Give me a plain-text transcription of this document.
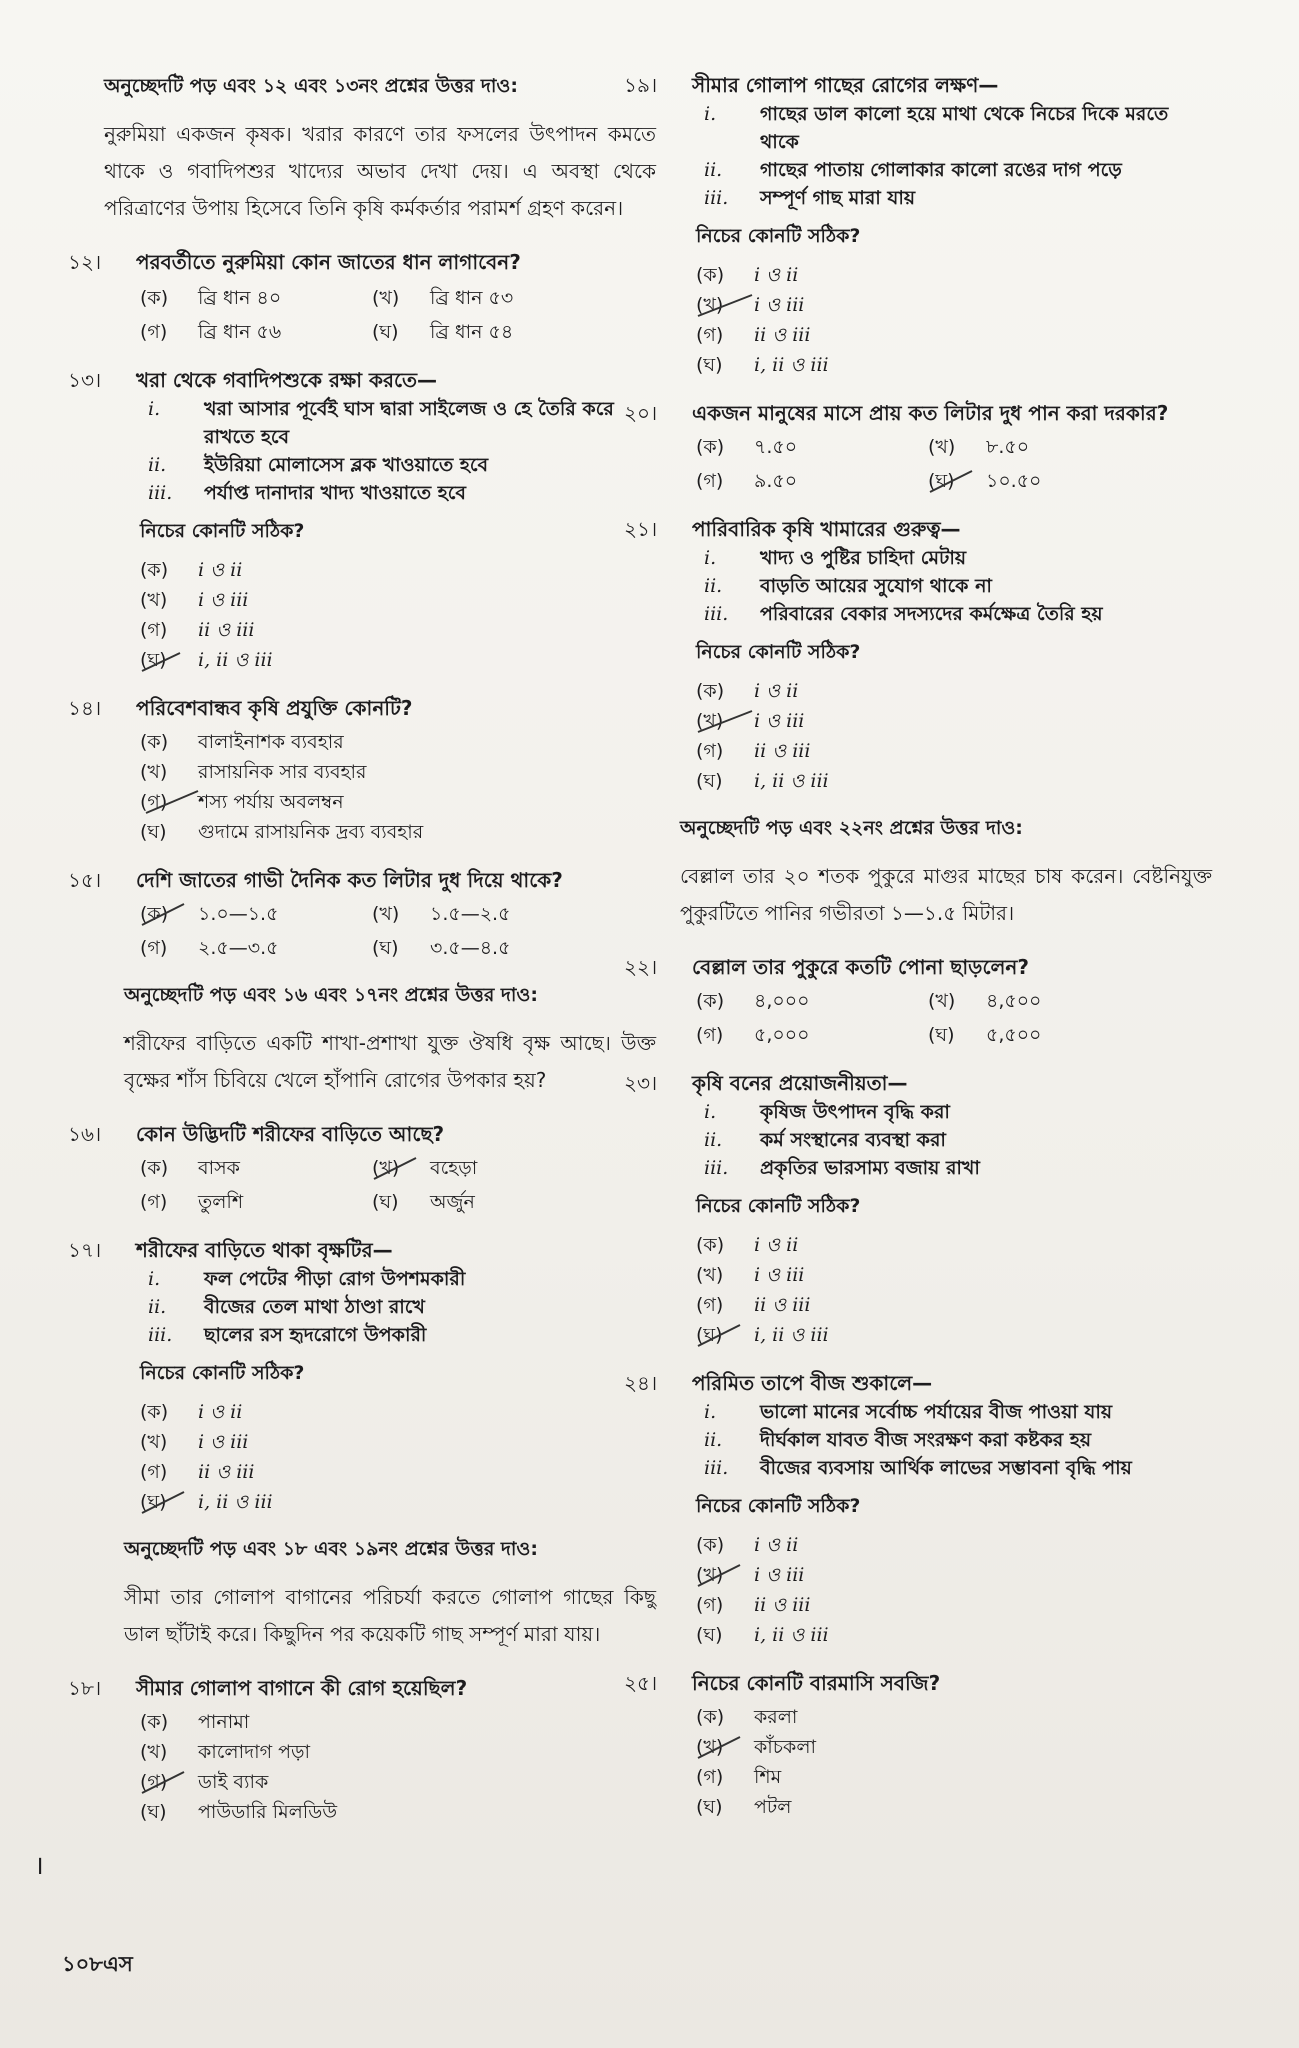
অনুচ্ছেদটি পড় এবং ১২ এবং ১৩নং প্রশ্নের উত্তর দাও:
নুরুমিয়া একজন কৃষক। খরার কারণে তার ফসলের উৎপাদন কমতে থাকে ও গবাদিপশুর খাদ্যের অভাব দেখা দেয়। এ অবস্থা থেকে পরিত্রাণের উপায় হিসেবে তিনি কৃষি কর্মকর্তার পরামর্শ গ্রহণ করেন।
১২।	পরবর্তীতে নুরুমিয়া কোন জাতের ধান লাগাবেন?
(ক)	ব্রি ধান ৪০	(খ)	ব্রি ধান ৫৩
(গ)	ব্রি ধান ৫৬	(ঘ)	ব্রি ধান ৫৪
১৩।	খরা থেকে গবাদিপশুকে রক্ষা করতে—
i.	খরা আসার পূর্বেই ঘাস দ্বারা সাইলেজ ও হে তৈরি করে রাখতে হবে
ii.	ইউরিয়া মোলাসেস ব্লক খাওয়াতে হবে
iii.	পর্যাপ্ত দানাদার খাদ্য খাওয়াতে হবে
নিচের কোনটি সঠিক?
(ক)	i ও ii
(খ)	i ও iii
(গ)	ii ও iii
(ঘ)	i, ii ও iii
১৪।	পরিবেশবান্ধব কৃষি প্রযুক্তি কোনটি?
(ক)	বালাইনাশক ব্যবহার
(খ)	রাসায়নিক সার ব্যবহার
(গ)	শস্য পর্যায় অবলম্বন
(ঘ)	গুদামে রাসায়নিক দ্রব্য ব্যবহার
১৫।	দেশি জাতের গাভী দৈনিক কত লিটার দুধ দিয়ে থাকে?
(ক)	১.০—১.৫	(খ)	১.৫—২.৫
(গ)	২.৫—৩.৫	(ঘ)	৩.৫—৪.৫
অনুচ্ছেদটি পড় এবং ১৬ এবং ১৭নং প্রশ্নের উত্তর দাও:
শরীফের বাড়িতে একটি শাখা-প্রশাখা যুক্ত ঔষধি বৃক্ষ আছে। উক্ত বৃক্ষের শাঁস চিবিয়ে খেলে হাঁপানি রোগের উপকার হয়?
১৬।	কোন উদ্ভিদটি শরীফের বাড়িতে আছে?
(ক)	বাসক	(খ)	বহেড়া
(গ)	তুলশি	(ঘ)	অর্জুন
১৭।	শরীফের বাড়িতে থাকা বৃক্ষটির—
i.	ফল পেটের পীড়া রোগ উপশমকারী
ii.	বীজের তেল মাথা ঠাণ্ডা রাখে
iii.	ছালের রস হৃদরোগে উপকারী
নিচের কোনটি সঠিক?
(ক)	i ও ii
(খ)	i ও iii
(গ)	ii ও iii
(ঘ)	i, ii ও iii
অনুচ্ছেদটি পড় এবং ১৮ এবং ১৯নং প্রশ্নের উত্তর দাও:
সীমা তার গোলাপ বাগানের পরিচর্যা করতে গোলাপ গাছের কিছু ডাল ছাঁটাই করে। কিছুদিন পর কয়েকটি গাছ সম্পূর্ণ মারা যায়।
১৮।	সীমার গোলাপ বাগানে কী রোগ হয়েছিল?
(ক)	পানামা
(খ)	কালোদাগ পড়া
(গ)	ডাই ব্যাক
(ঘ)	পাউডারি মিলডিউ
১৯।	সীমার গোলাপ গাছের রোগের লক্ষণ—
i.	গাছের ডাল কালো হয়ে মাথা থেকে নিচের দিকে মরতে থাকে
ii.	গাছের পাতায় গোলাকার কালো রঙের দাগ পড়ে
iii.	সম্পূর্ণ গাছ মারা যায়
নিচের কোনটি সঠিক?
(ক)	i ও ii
(খ)	i ও iii
(গ)	ii ও iii
(ঘ)	i, ii ও iii
২০।	একজন মানুষের মাসে প্রায় কত লিটার দুধ পান করা দরকার?
(ক)	৭.৫০	(খ)	৮.৫০
(গ)	৯.৫০	(ঘ)	১০.৫০
২১।	পারিবারিক কৃষি খামারের গুরুত্ব—
i.	খাদ্য ও পুষ্টির চাহিদা মেটায়
ii.	বাড়তি আয়ের সুযোগ থাকে না
iii.	পরিবারের বেকার সদস্যদের কর্মক্ষেত্র তৈরি হয়
নিচের কোনটি সঠিক?
(ক)	i ও ii
(খ)	i ও iii
(গ)	ii ও iii
(ঘ)	i, ii ও iii
অনুচ্ছেদটি পড় এবং ২২নং প্রশ্নের উত্তর দাও:
বেল্লাল তার ২০ শতক পুকুরে মাগুর মাছের চাষ করেন। বেষ্টনিযুক্ত পুকুরটিতে পানির গভীরতা ১—১.৫ মিটার।
২২।	বেল্লাল তার পুকুরে কতটি পোনা ছাড়লেন?
(ক)	৪,০০০	(খ)	৪,৫০০
(গ)	৫,০০০	(ঘ)	৫,৫০০
২৩।	কৃষি বনের প্রয়োজনীয়তা—
i.	কৃষিজ উৎপাদন বৃদ্ধি করা
ii.	কর্ম সংস্থানের ব্যবস্থা করা
iii.	প্রকৃতির ভারসাম্য বজায় রাখা
নিচের কোনটি সঠিক?
(ক)	i ও ii
(খ)	i ও iii
(গ)	ii ও iii
(ঘ)	i, ii ও iii
২৪।	পরিমিত তাপে বীজ শুকালে—
i.	ভালো মানের সর্বোচ্চ পর্যায়ের বীজ পাওয়া যায়
ii.	দীর্ঘকাল যাবত বীজ সংরক্ষণ করা কষ্টকর হয়
iii.	বীজের ব্যবসায় আর্থিক লাভের সম্ভাবনা বৃদ্ধি পায়
নিচের কোনটি সঠিক?
(ক)	i ও ii
(খ)	i ও iii
(গ)	ii ও iii
(ঘ)	i, ii ও iii
২৫।	নিচের কোনটি বারমাসি সবজি?
(ক)	করলা
(খ)	কাঁচকলা
(গ)	শিম
(ঘ)	পটল
।
১০৮এস
